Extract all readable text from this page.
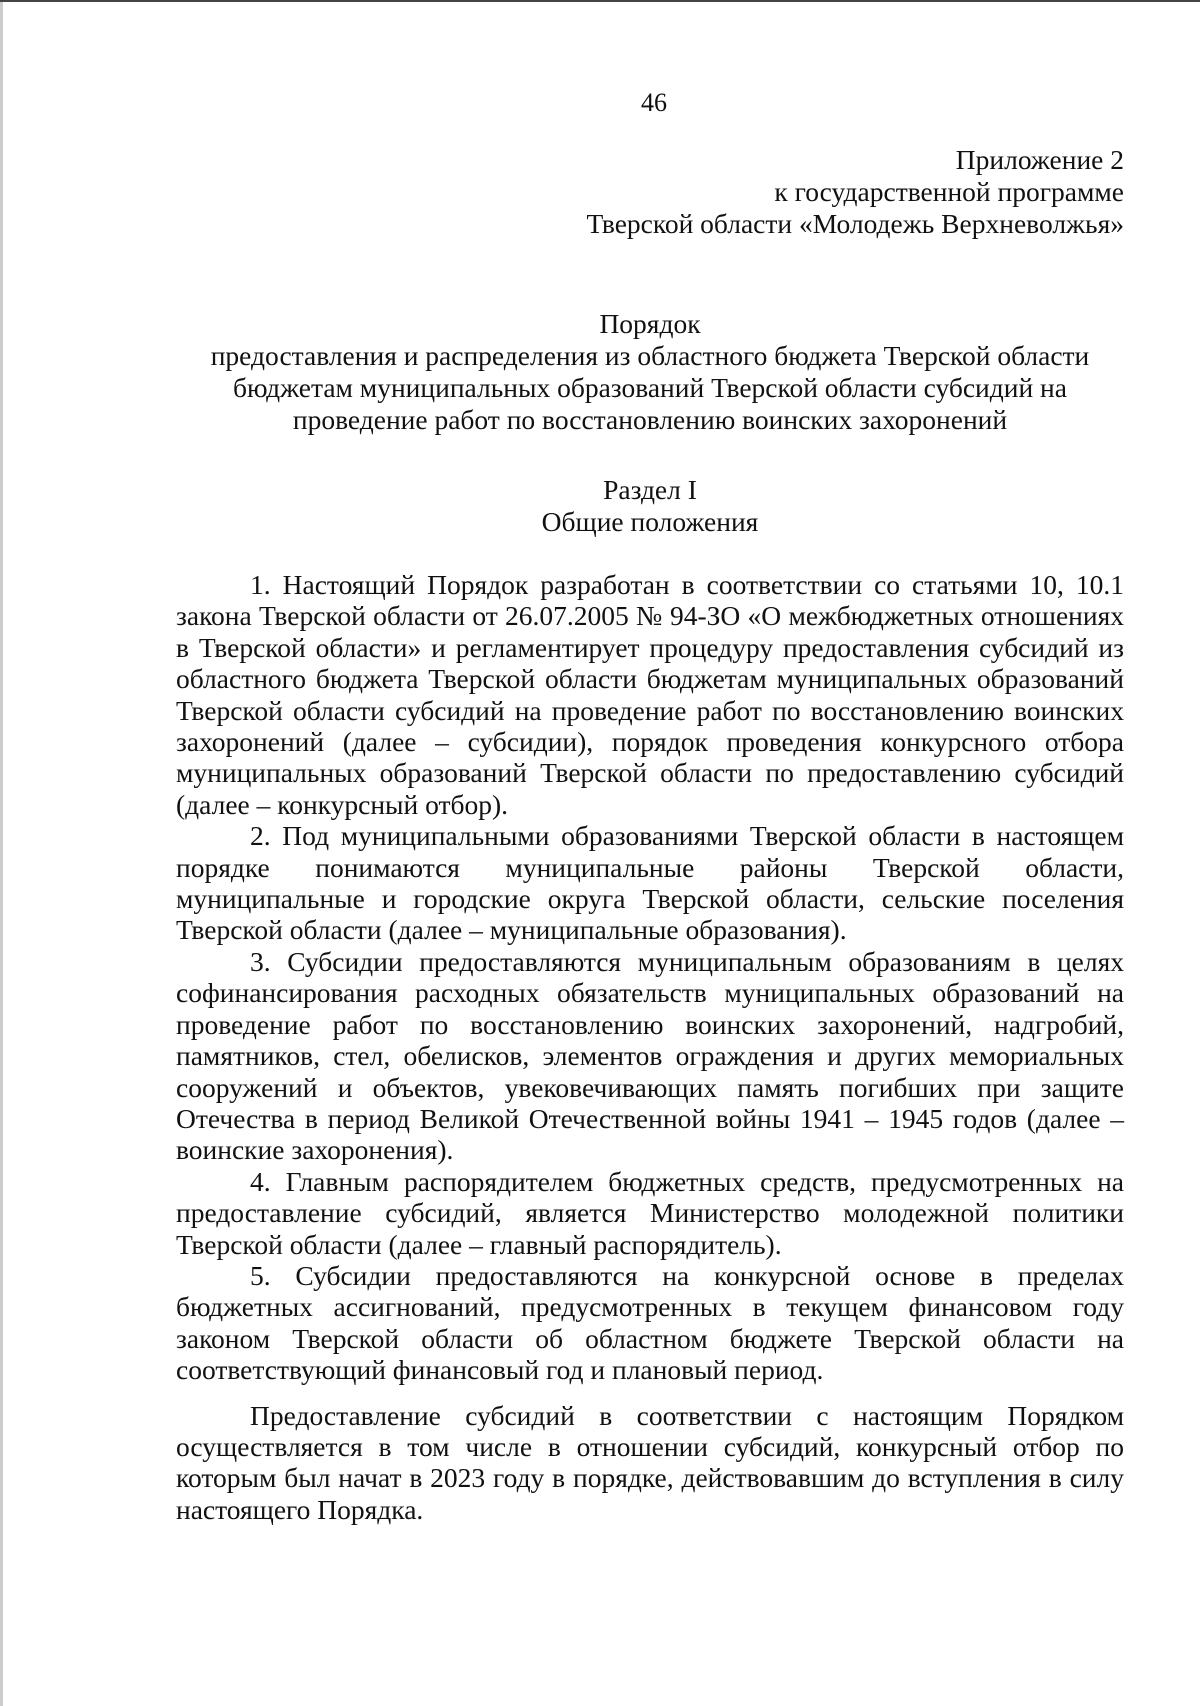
46
Приложение 2
к государственной программе
Тверской области «Молодежь Верхневолжья»
Порядок
предоставления и распределения из областного бюджета Тверской области
бюджетам муниципальных образований Тверской области субсидий на
проведение работ по восстановлению воинских захоронений
Раздел I
Общие положения

1. Настоящий Порядок разработан в соответствии со статьями 10, 10.1 закона Тверской области от 26.07.2005 № 94-ЗО «О межбюджетных отношениях в Тверской области» и регламентирует процедуру предоставления субсидий из областного бюджета Тверской области бюджетам муниципальных образований Тверской области субсидий на проведение работ по восстановлению воинских захоронений (далее – субсидии), порядок проведения конкурсного отбора муниципальных образований Тверской области по предоставлению субсидий (далее – конкурсный отбор).

2. Под муниципальными образованиями Тверской области в настоящем порядке понимаются муниципальные районы Тверской области, муниципальные и городские округа Тверской области, сельские поселения Тверской области (далее – муниципальные образования).

3. Субсидии предоставляются муниципальным образованиям в целях софинансирования расходных обязательств муниципальных образований на проведение работ по восстановлению воинских захоронений, надгробий, памятников, стел, обелисков, элементов ограждения и других мемориальных сооружений и объектов, увековечивающих память погибших при защите Отечества в период Великой Отечественной войны 1941 – 1945 годов (далее – воинские захоронения).

4. Главным распорядителем бюджетных средств, предусмотренных на предоставление субсидий, является Министерство молодежной политики Тверской области (далее – главный распорядитель).

5. Субсидии предоставляются на конкурсной основе в пределах бюджетных ассигнований, предусмотренных в текущем финансовом году законом Тверской области об областном бюджете Тверской области на соответствующий финансовый год и плановый период.

Предоставление субсидий в соответствии с настоящим Порядком осуществляется в том числе в отношении субсидий, конкурсный отбор по которым был начат в 2023 году в порядке, действовавшим до вступления в силу настоящего Порядка.
